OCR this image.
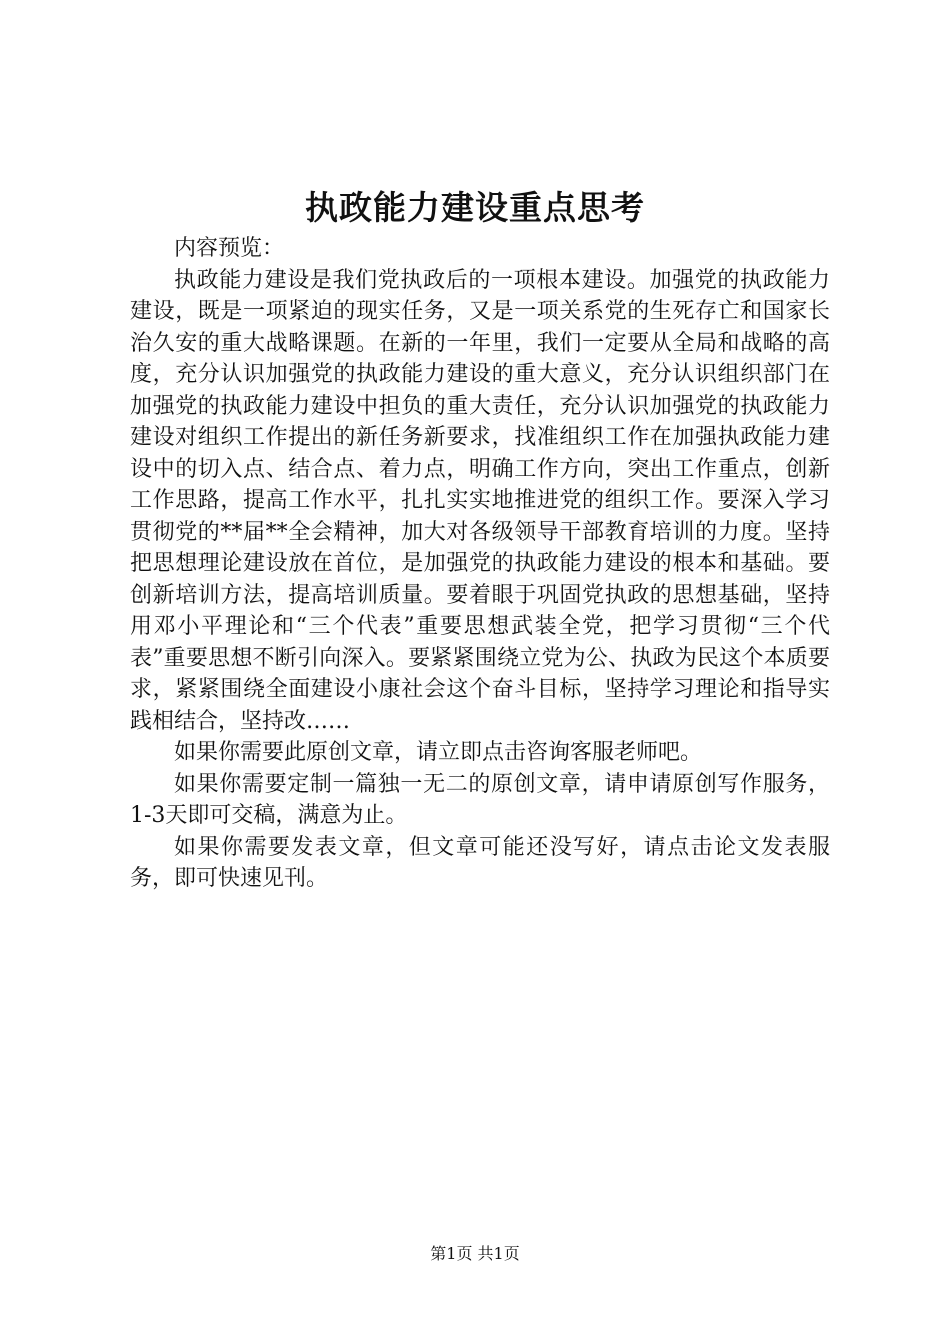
执政能力建设重点思考

内容预览：

执政能力建设是我们党执政后的一项根本建设。加强党的执政能力建设，既是一项紧迫的现实任务，又是一项关系党的生死存亡和国家长治久安的重大战略课题。在新的一年里，我们一定要从全局和战略的高度，充分认识加强党的执政能力建设的重大意义，充分认识组织部门在加强党的执政能力建设中担负的重大责任，充分认识加强党的执政能力建设对组织工作提出的新任务新要求，找准组织工作在加强执政能力建设中的切入点、结合点、着力点，明确工作方向，突出工作重点，创新工作思路，提高工作水平，扎扎实实地推进党的组织工作。要深入学习贯彻党的**届**全会精神，加大对各级领导干部教育培训的力度。坚持把思想理论建设放在首位，是加强党的执政能力建设的根本和基础。要创新培训方法，提高培训质量。要着眼于巩固党执政的思想基础，坚持用邓小平理论和“三个代表”重要思想武装全党，把学习贯彻“三个代表”重要思想不断引向深入。要紧紧围绕立党为公、执政为民这个本质要求，紧紧围绕全面建设小康社会这个奋斗目标，坚持学习理论和指导实践相结合，坚持改……

如果你需要此原创文章，请立即点击咨询客服老师吧。

如果你需要定制一篇独一无二的原创文章，请申请原创写作服务，1-3天即可交稿，满意为止。

如果你需要发表文章，但文章可能还没写好，请点击论文发表服务，即可快速见刊。

第1页 共1页
